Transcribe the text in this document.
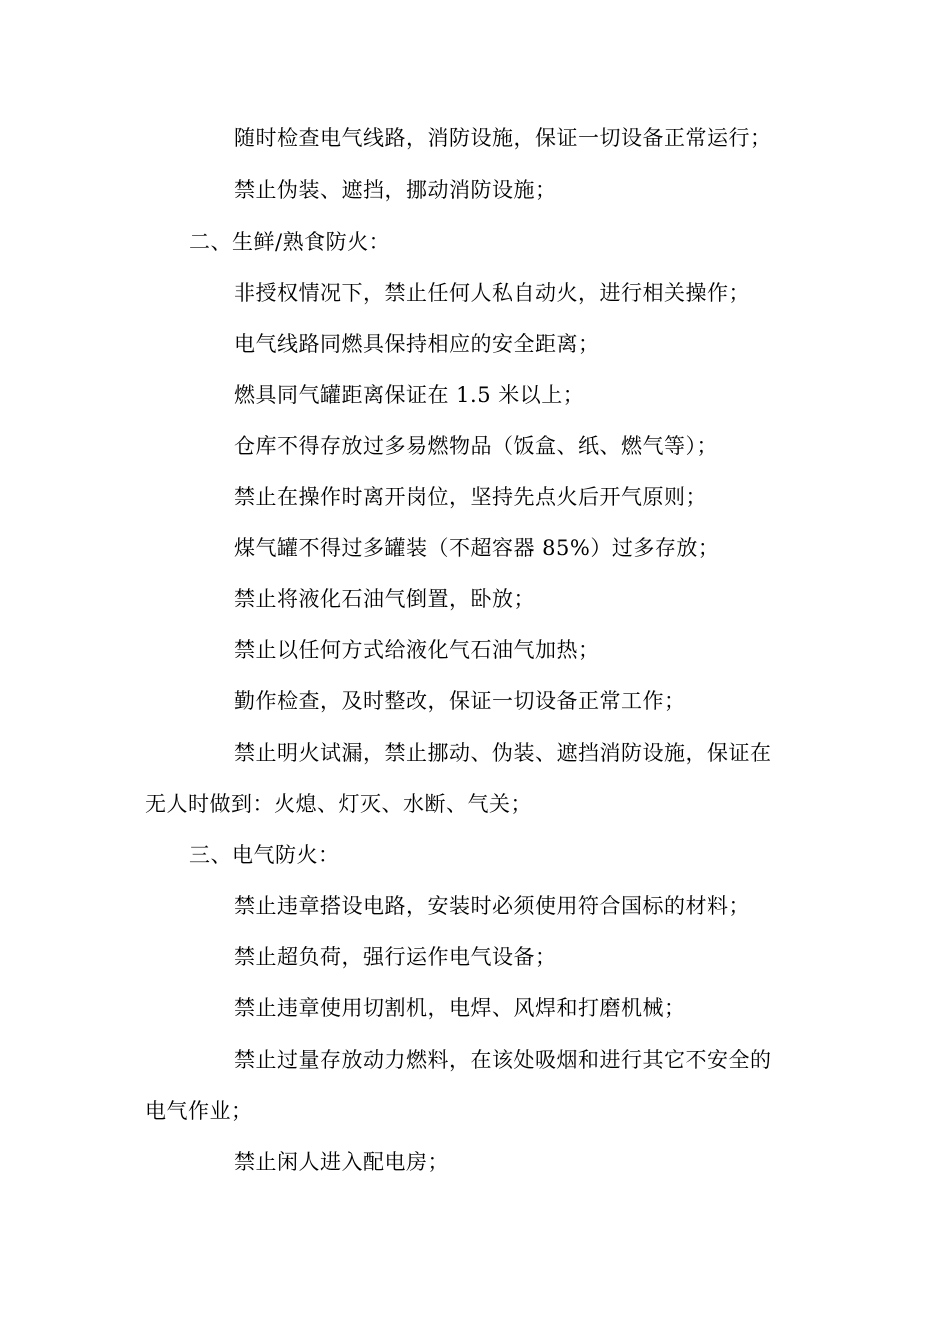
随时检查电气线路，消防设施，保证一切设备正常运行；
禁止伪装、遮挡，挪动消防设施；
二、生鲜/熟食防火：
非授权情况下，禁止任何人私自动火，进行相关操作；
电气线路同燃具保持相应的安全距离；
燃具同气罐距离保证在 1.5 米以上；
仓库不得存放过多易燃物品（饭盒、纸、燃气等）；
禁止在操作时离开岗位，坚持先点火后开气原则；
煤气罐不得过多罐装（不超容器 85%）过多存放；
禁止将液化石油气倒置，卧放；
禁止以任何方式给液化气石油气加热；
勤作检查，及时整改，保证一切设备正常工作；
禁止明火试漏，禁止挪动、伪装、遮挡消防设施，保证在
无人时做到：火熄、灯灭、水断、气关；
三、电气防火：
禁止违章搭设电路，安装时必须使用符合国标的材料；
禁止超负荷，强行运作电气设备；
禁止违章使用切割机，电焊、风焊和打磨机械；
禁止过量存放动力燃料，在该处吸烟和进行其它不安全的
电气作业；
禁止闲人进入配电房；
